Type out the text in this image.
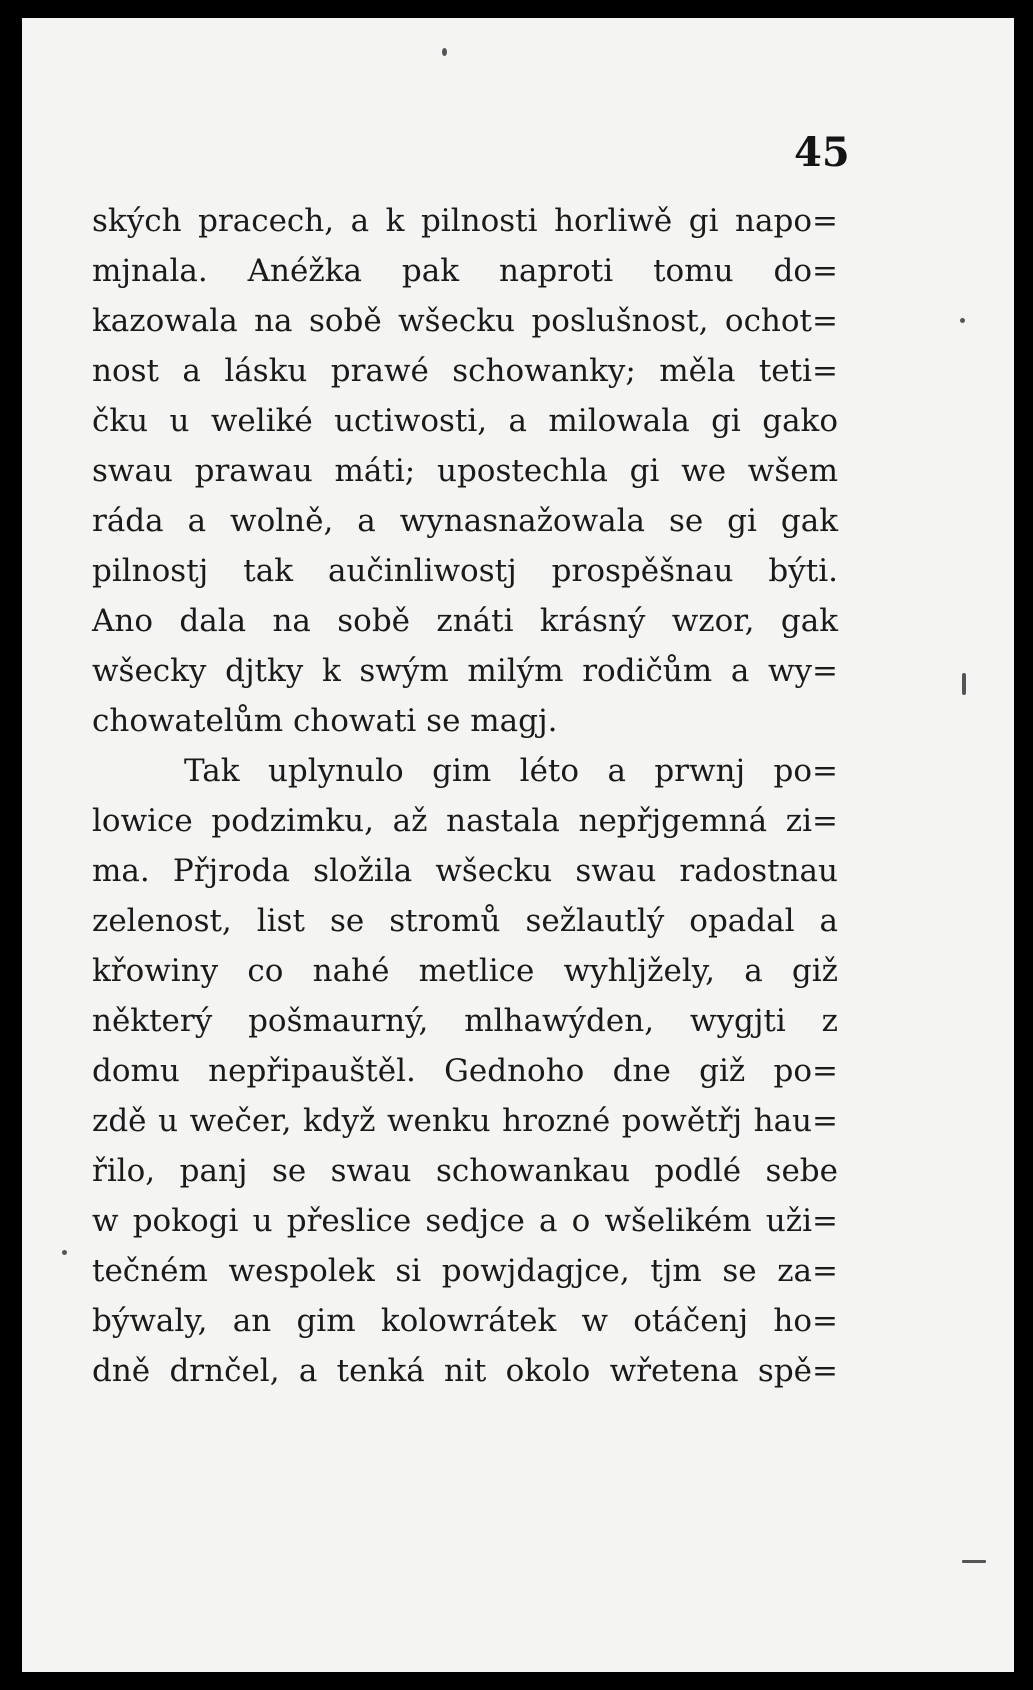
45
ských pracech, a k pilnosti horliwě gi napo=
mjnala. Anéžka pak naproti tomu do=
kazowala na sobě wšecku poslušnost, ochot=
nost a lásku prawé schowanky; měla teti=
čku u weliké uctiwosti, a milowala gi gako
swau prawau máti; upostechla gi we wšem
ráda a wolně, a wynasnažowala se gi gak
pilnostj tak aučinliwostj prospěšnau býti.
Ano dala na sobě znáti krásný wzor, gak
wšecky djtky k swým milým rodičům a wy=
chowatelům chowati se magj.
Tak uplynulo gim léto a prwnj po=
lowice podzimku, až nastala nepřjgemná zi=
ma. Přjroda složila wšecku swau radostnau
zelenost, list se stromů sežlautlý opadal a
křowiny co nahé metlice wyhljžely, a giž
některý pošmaurný, mlhawýden, wygjti z
domu nepřipauštěl. Gednoho dne giž po=
zdě u wečer, když wenku hrozné powětřj hau=
řilo, panj se swau schowankau podlé sebe
w pokogi u přeslice sedjce a o wšelikém uži=
tečném wespolek si powjdagjce, tjm se za=
býwaly, an gim kolowrátek w otáčenj ho=
dně drnčel, a tenká nit okolo wřetena spě=
